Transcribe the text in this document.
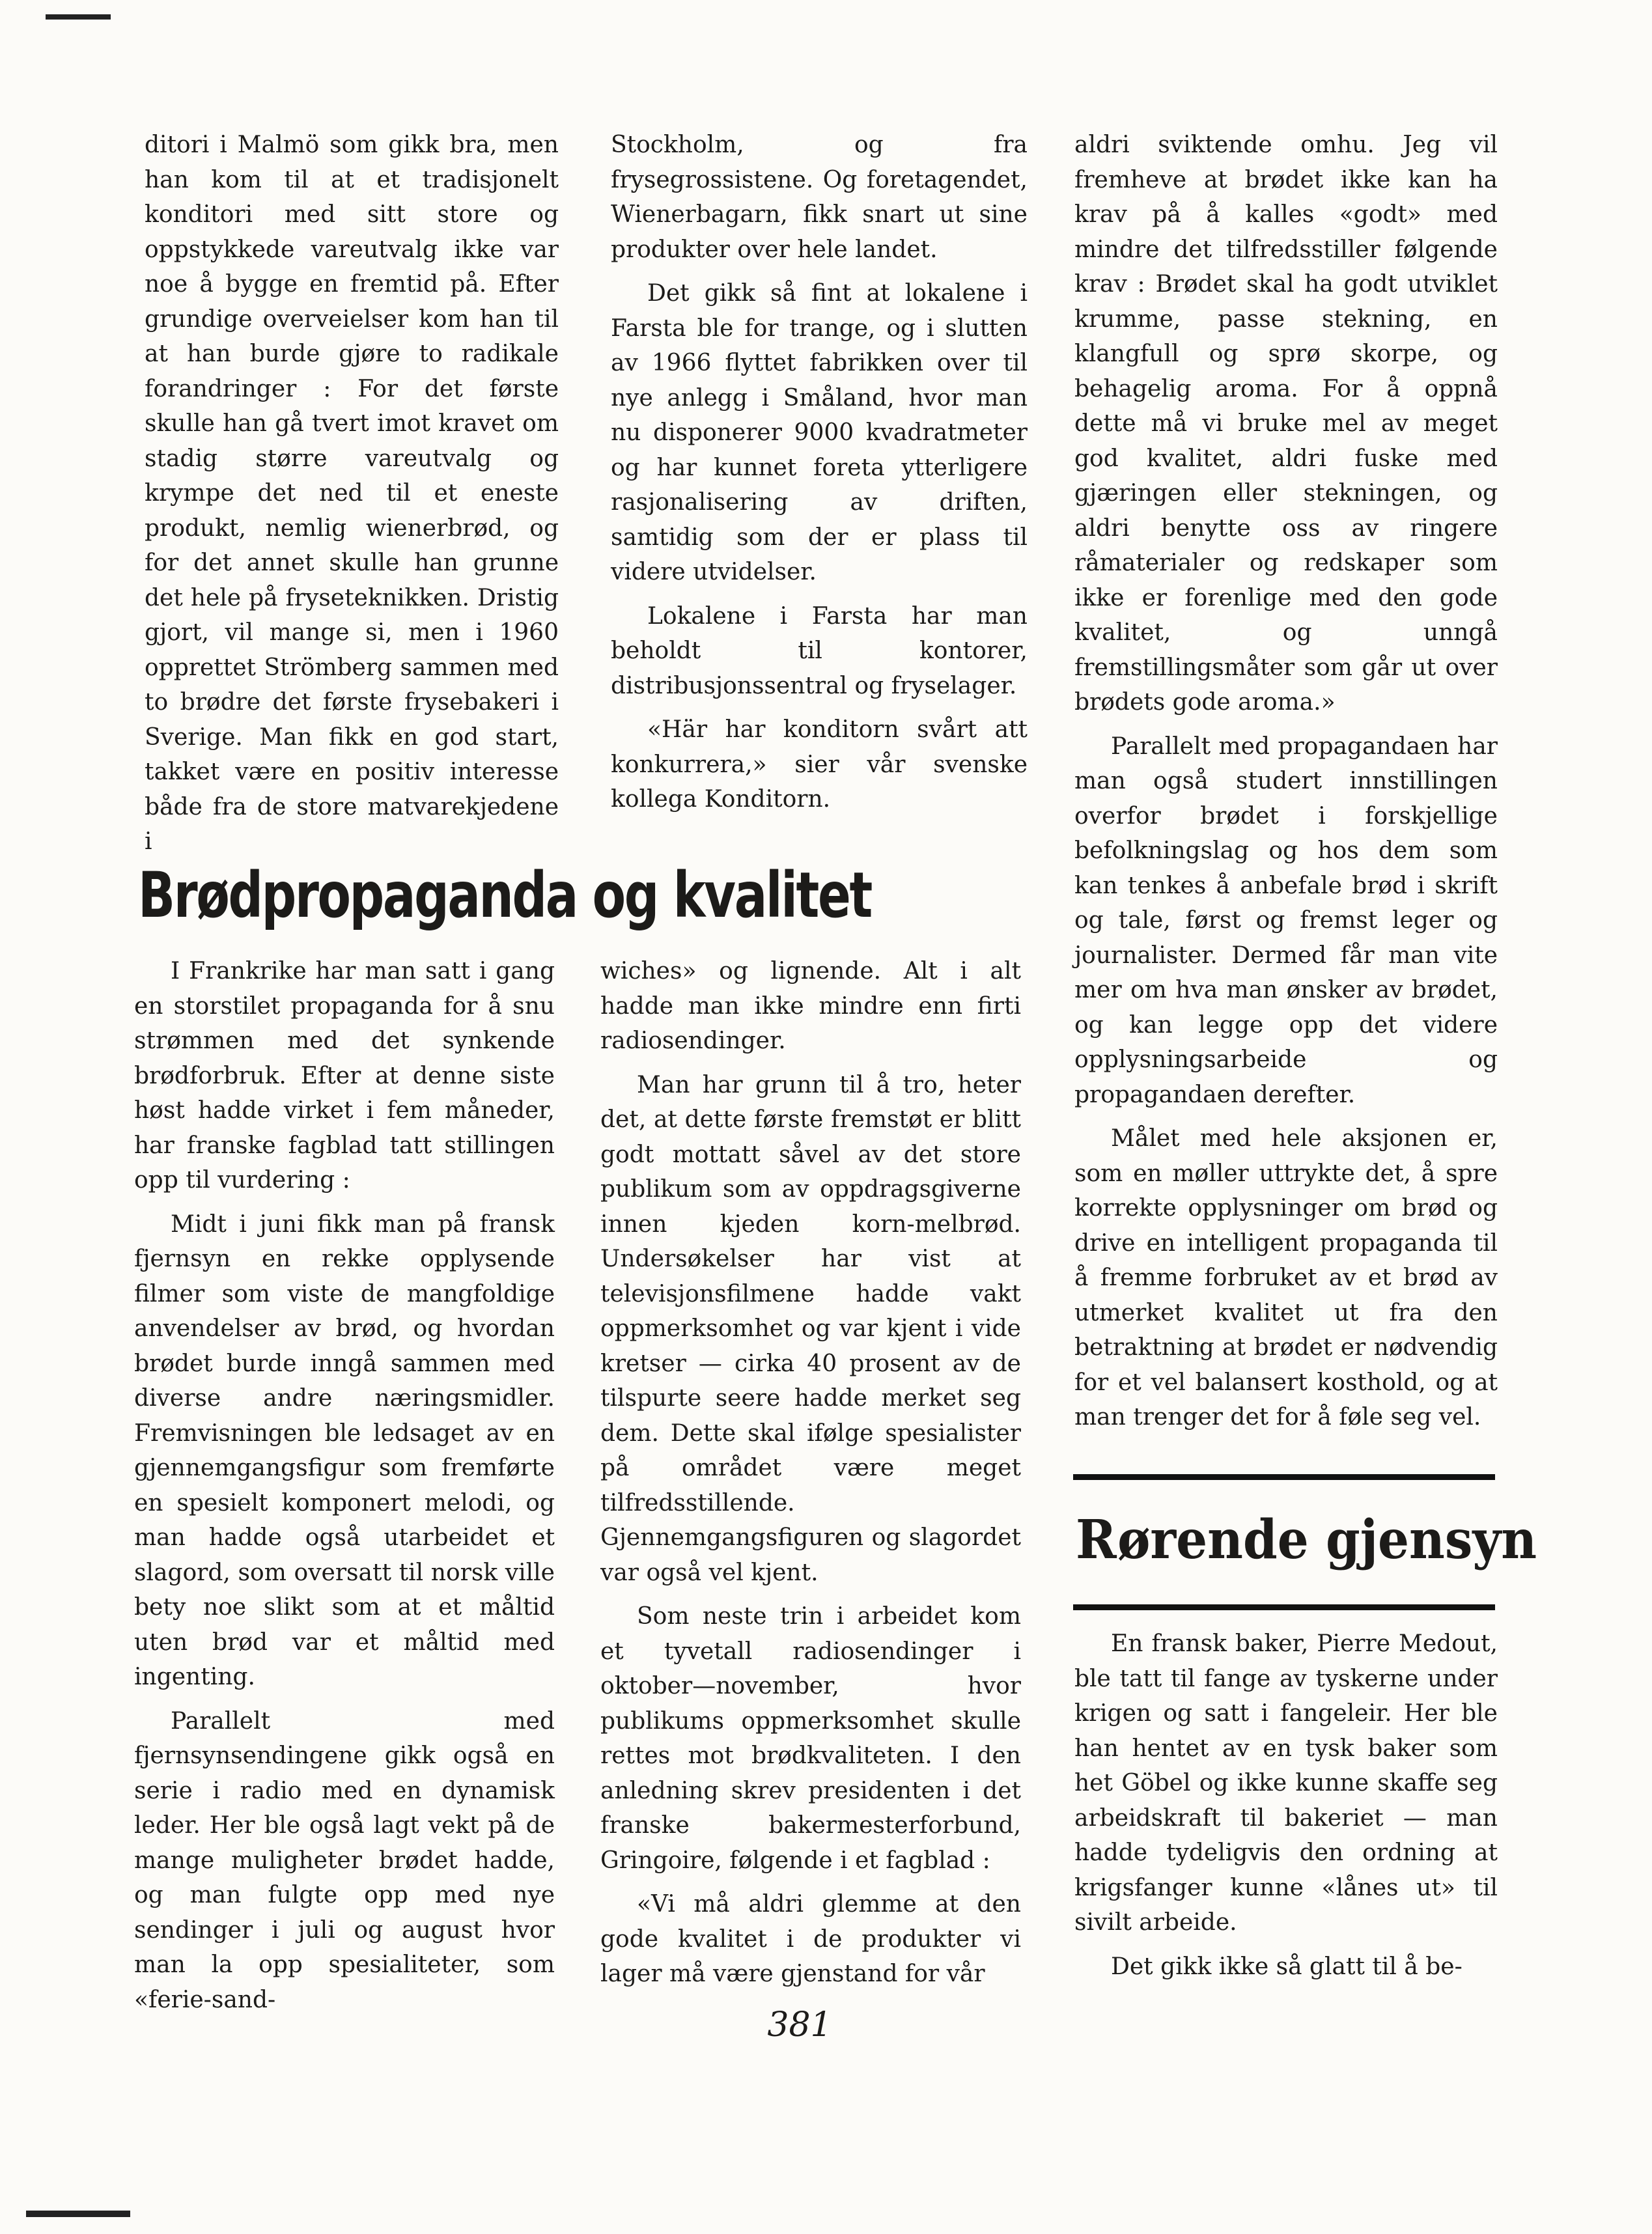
ditori i Malmö som gikk bra, men han kom til at et tradisjonelt konditori med sitt store og oppstykkede vareutvalg ikke var noe å bygge en fremtid på. Efter grundige overveielser kom han til at han burde gjøre to radikale forandringer : For det første skulle han gå tvert imot kravet om stadig større vareutvalg og krympe det ned til et eneste produkt, nemlig wienerbrød, og for det annet skulle han grunne det hele på fryseteknikken. Dristig gjort, vil mange si, men i 1960 opprettet Strömberg sammen med to brødre det første frysebakeri i Sverige. Man fikk en god start, takket være en positiv interesse både fra de store matvarekjedene i

Stockholm, og fra frysegrossistene. Og foretagendet, Wienerbagarn, fikk snart ut sine produkter over hele landet.

Det gikk så fint at lokalene i Farsta ble for trange, og i slutten av 1966 flyttet fabrikken over til nye anlegg i Småland, hvor man nu disponerer 9000 kvadratmeter og har kunnet foreta ytterligere rasjonalisering av driften, samtidig som der er plass til videre utvidelser.

Lokalene i Farsta har man beholdt til kontorer, distribusjonssentral og fryselager.

«Här har konditorn svårt att konkurrera,» sier vår svenske kollega Konditorn.

Brødpropaganda og kvalitet

I Frankrike har man satt i gang en storstilet propaganda for å snu strømmen med det synkende brødforbruk. Efter at denne siste høst hadde virket i fem måneder, har franske fagblad tatt stillingen opp til vurdering :

Midt i juni fikk man på fransk fjernsyn en rekke opplysende filmer som viste de mangfoldige anvendelser av brød, og hvordan brødet burde inngå sammen med diverse andre næringsmidler. Fremvisningen ble ledsaget av en gjennemgangsfigur som fremførte en spesielt komponert melodi, og man hadde også utarbeidet et slagord, som oversatt til norsk ville bety noe slikt som at et måltid uten brød var et måltid med ingenting.

Parallelt med fjernsynsendingene gikk også en serie i radio med en dynamisk leder. Her ble også lagt vekt på de mange muligheter brødet hadde, og man fulgte opp med nye sendinger i juli og august hvor man la opp spesialiteter, som «ferie-sand-

wiches» og lignende. Alt i alt hadde man ikke mindre enn firti radiosendinger.

Man har grunn til å tro, heter det, at dette første fremstøt er blitt godt mottatt såvel av det store publikum som av oppdragsgiverne innen kjeden korn-melbrød. Undersøkelser har vist at televisjonsfilmene hadde vakt oppmerksomhet og var kjent i vide kretser — cirka 40 prosent av de tilspurte seere hadde merket seg dem. Dette skal ifølge spesialister på området være meget tilfredsstillende. Gjennemgangsfiguren og slagordet var også vel kjent.

Som neste trin i arbeidet kom et tyvetall radiosendinger i oktober—november, hvor publikums oppmerksomhet skulle rettes mot brødkvaliteten. I den anledning skrev presidenten i det franske bakermesterforbund, Gringoire, følgende i et fagblad :

«Vi må aldri glemme at den gode kvalitet i de produkter vi lager må være gjenstand for vår

aldri sviktende omhu. Jeg vil fremheve at brødet ikke kan ha krav på å kalles «godt» med mindre det tilfredsstiller følgende krav : Brødet skal ha godt utviklet krumme, passe stekning, en klangfull og sprø skorpe, og behagelig aroma. For å oppnå dette må vi bruke mel av meget god kvalitet, aldri fuske med gjæringen eller stekningen, og aldri benytte oss av ringere råmaterialer og redskaper som ikke er forenlige med den gode kvalitet, og unngå fremstillingsmåter som går ut over brødets gode aroma.»

Parallelt med propagandaen har man også studert innstillingen overfor brødet i forskjellige befolkningslag og hos dem som kan tenkes å anbefale brød i skrift og tale, først og fremst leger og journalister. Dermed får man vite mer om hva man ønsker av brødet, og kan legge opp det videre opplysningsarbeide og propagandaen derefter.

Målet med hele aksjonen er, som en møller uttrykte det, å spre korrekte opplysninger om brød og drive en intelligent propaganda til å fremme forbruket av et brød av utmerket kvalitet ut fra den betraktning at brødet er nødvendig for et vel balansert kosthold, og at man trenger det for å føle seg vel.

Rørende gjensyn

En fransk baker, Pierre Medout, ble tatt til fange av tyskerne under krigen og satt i fangeleir. Her ble han hentet av en tysk baker som het Göbel og ikke kunne skaffe seg arbeidskraft til bakeriet — man hadde tydeligvis den ordning at krigsfanger kunne «lånes ut» til sivilt arbeide.

Det gikk ikke så glatt til å be-

381
